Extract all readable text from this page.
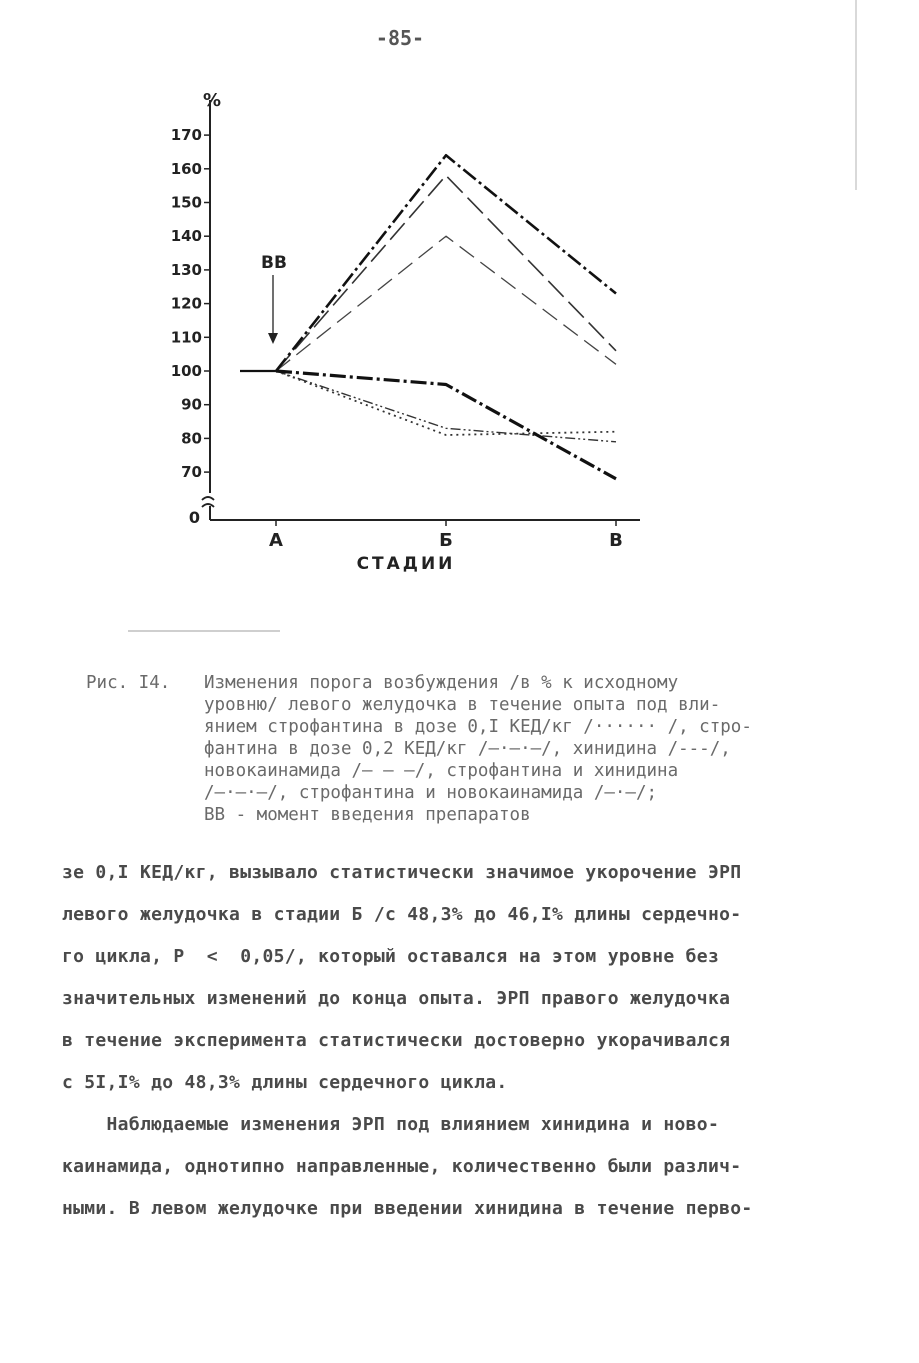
-85-
170
160
150
140
130
120
110
100
90
80
70
0
%
А	Б	В
СТАДИИ
ВВ
Рис. I4. Изменения порога возбуждения /в % к исходному
уровню/ левого желудочка в течение опыта под вли-
янием строфантина в дозе 0,I КЕД/кг /······ /, стро-
фантина в дозе 0,2 КЕД/кг /—·—·—/, хинидина /---/,
новокаинамида /— — —/, строфантина и хинидина
/—·—·—/, строфантина и новокаинамида /—·—/;
ВВ - момент введения препаратов
зе 0,I КЕД/кг, вызывало статистически значимое укорочение ЭРП
левого желудочка в стадии Б /с 48,3% до 46,I% длины сердечно-
го цикла, Р  <  0,05/, который оставался на этом уровне без
значительных изменений до конца опыта. ЭРП правого желудочка
в течение эксперимента статистически достоверно укорачивался
с 5I,I% до 48,3% длины сердечного цикла.
Наблюдаемые изменения ЭРП под влиянием хинидина и ново-
каинамида, однотипно направленные, количественно были различ-
ными. В левом желудочке при введении хинидина в течение перво-
